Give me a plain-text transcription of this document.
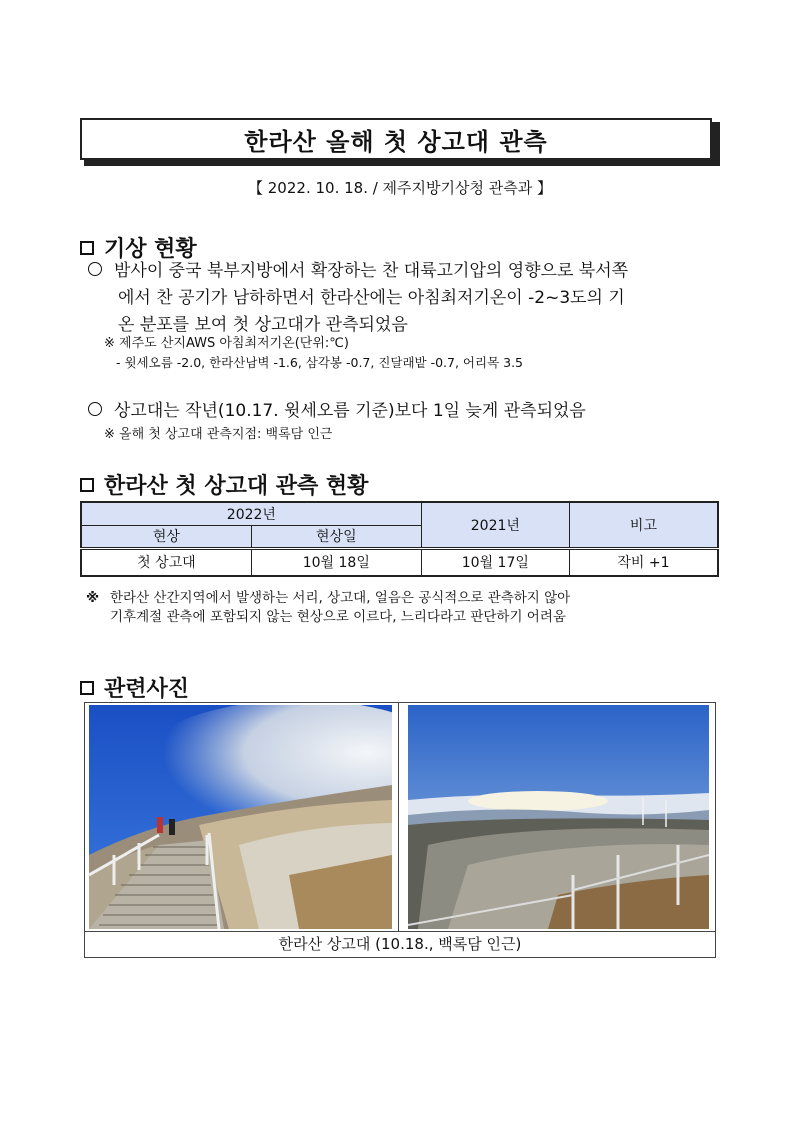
한라산 올해 첫 상고대 관측
【 2022. 10. 18. / 제주지방기상청 관측과 】
기상 현황
밤사이 중국 북부지방에서 확장하는 찬 대륙고기압의 영향으로 북서쪽
에서 찬 공기가 남하하면서 한라산에는 아침최저기온이 -2~3도의 기
온 분포를 보여 첫 상고대가 관측되었음
※ 제주도 산지AWS 아침최저기온(단위:℃)
- 윗세오름 -2.0, 한라산남벽 -1.6, 삼각봉 -0.7, 진달래밭 -0.7, 어리목 3.5
상고대는 작년(10.17. 윗세오름 기준)보다 1일 늦게 관측되었음
※ 올해 첫 상고대 관측지점: 백록담 인근
한라산 첫 상고대 관측 현황
2022년		2021년	비고
현상	현상일		
첫 상고대	10월 18일	10월 17일	작비 +1
※ 한라산 산간지역에서 발생하는 서리, 상고대, 얼음은 공식적으로 관측하지 않아
기후계절 관측에 포함되지 않는 현상으로 이르다, 느리다라고 판단하기 어려움
관련사진
한라산 상고대 (10.18., 백록담 인근)
